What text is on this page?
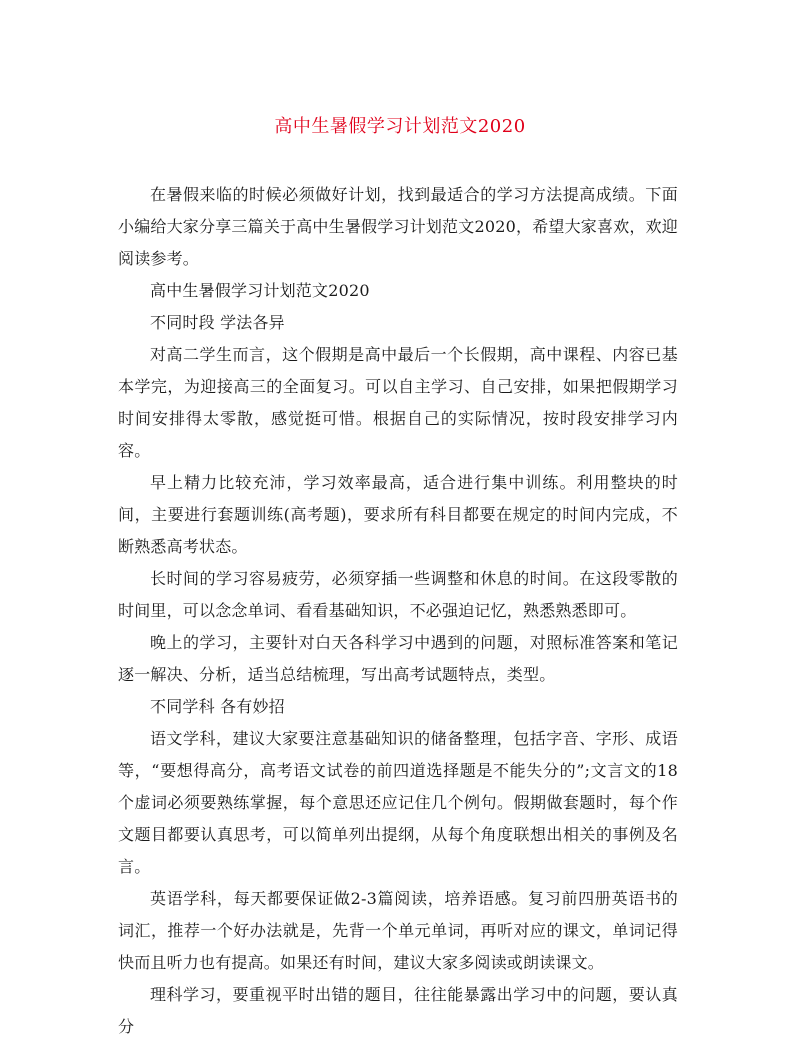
高中生暑假学习计划范文2020

在暑假来临的时候必须做好计划，找到最适合的学习方法提高成绩。下面小编给大家分享三篇关于高中生暑假学习计划范文2020，希望大家喜欢，欢迎阅读参考。

高中生暑假学习计划范文2020

不同时段 学法各异

对高二学生而言，这个假期是高中最后一个长假期，高中课程、内容已基本学完，为迎接高三的全面复习。可以自主学习、自己安排，如果把假期学习时间安排得太零散，感觉挺可惜。根据自己的实际情况，按时段安排学习内容。

早上精力比较充沛，学习效率最高，适合进行集中训练。利用整块的时间，主要进行套题训练(高考题)，要求所有科目都要在规定的时间内完成，不断熟悉高考状态。

长时间的学习容易疲劳，必须穿插一些调整和休息的时间。在这段零散的时间里，可以念念单词、看看基础知识，不必强迫记忆，熟悉熟悉即可。

晚上的学习，主要针对白天各科学习中遇到的问题，对照标准答案和笔记逐一解决、分析，适当总结梳理，写出高考试题特点，类型。

不同学科 各有妙招

语文学科，建议大家要注意基础知识的储备整理，包括字音、字形、成语等，“要想得高分，高考语文试卷的前四道选择题是不能失分的”;文言文的18个虚词必须要熟练掌握，每个意思还应记住几个例句。假期做套题时，每个作文题目都要认真思考，可以简单列出提纲，从每个角度联想出相关的事例及名言。

英语学科，每天都要保证做2-3篇阅读，培养语感。复习前四册英语书的词汇，推荐一个好办法就是，先背一个单元单词，再听对应的课文，单词记得快而且听力也有提高。如果还有时间，建议大家多阅读或朗读课文。

理科学习，要重视平时出错的题目，往往能暴露出学习中的问题，要认真分
